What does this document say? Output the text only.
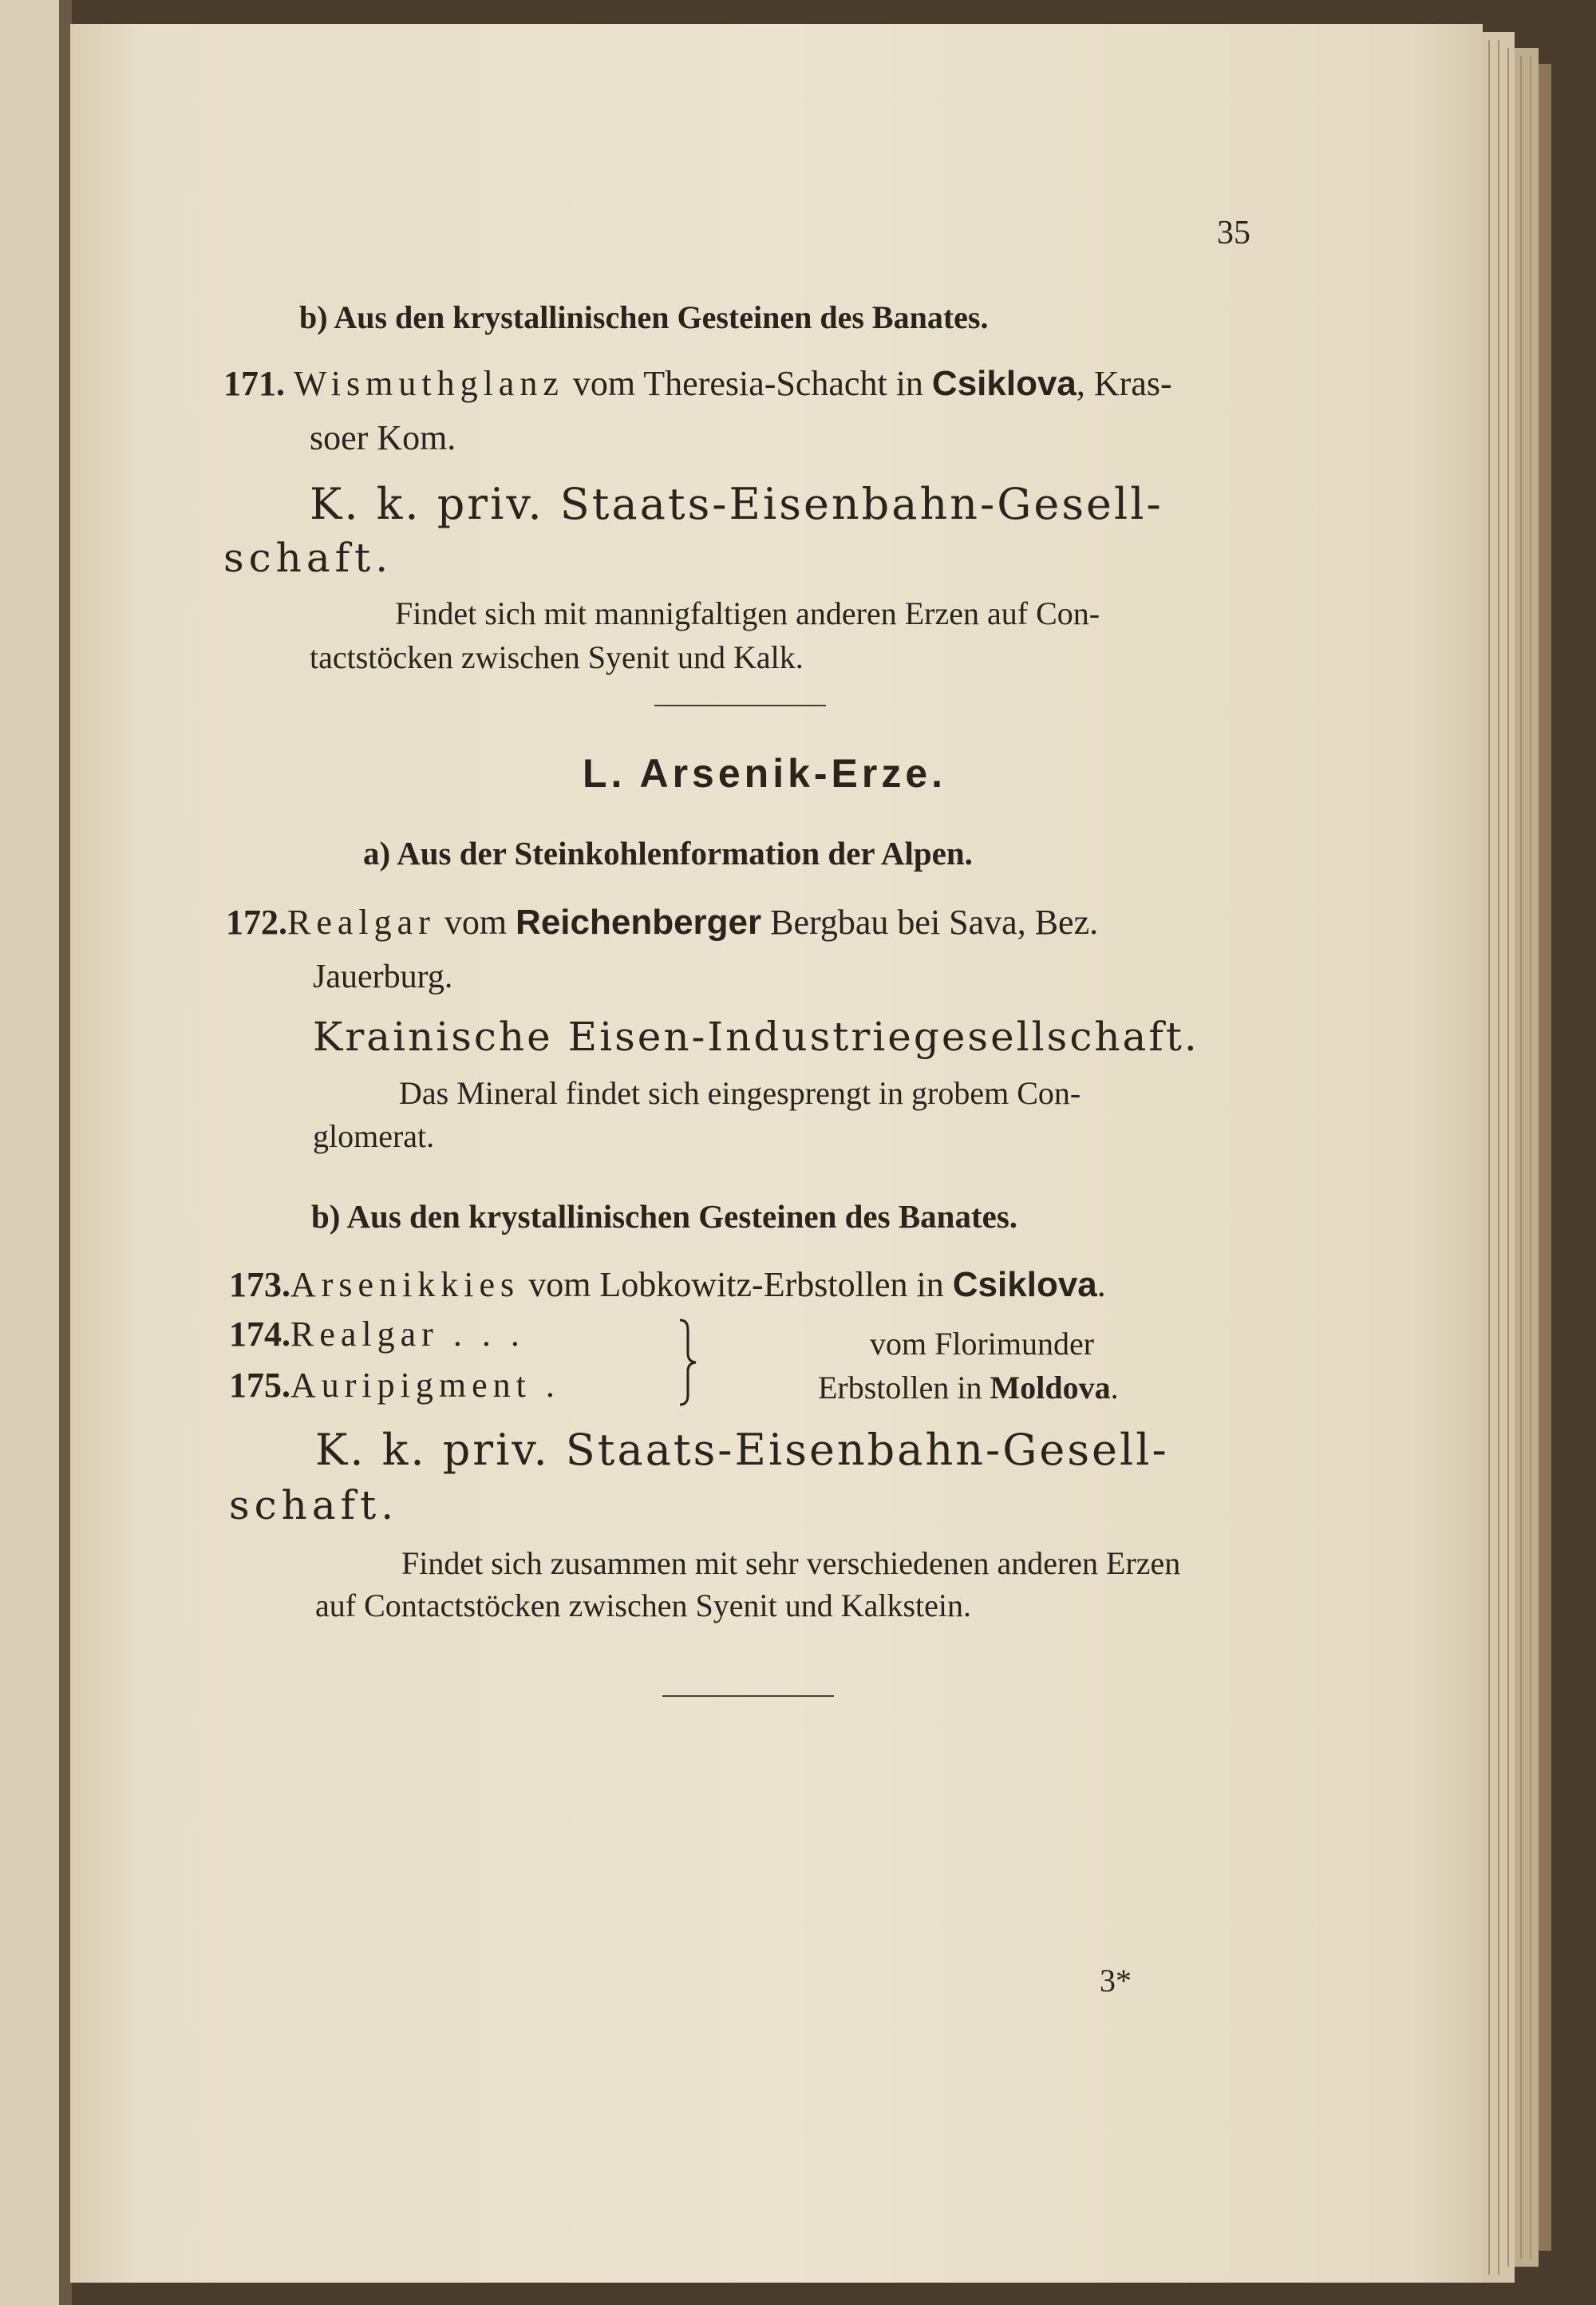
35
b) Aus den krystallinischen Gesteinen des Banates.
171. Wismuthglanz vom Theresia-Schacht in Csiklova, Kras-
soer Kom.
K. k. priv. Staats-Eisenbahn-Gesell-
schaft.
Findet sich mit mannigfaltigen anderen Erzen auf Con-
tactstöcken zwischen Syenit und Kalk.
L. Arsenik-Erze.
a) Aus der Steinkohlenformation der Alpen.
172.Realgar vom Reichenberger Bergbau bei Sava, Bez.
Jauerburg.
Krainische Eisen-Industriegesellschaft.
Das Mineral findet sich eingesprengt in grobem Con-
glomerat.
b) Aus den krystallinischen Gesteinen des Banates.
173.Arsenikkies vom Lobkowitz-Erbstollen in Csiklova.
174.Realgar . . .
175.Auripigment .
vom Florimunder
Erbstollen in Moldova.
K. k. priv. Staats-Eisenbahn-Gesell-
schaft.
Findet sich zusammen mit sehr verschiedenen anderen Erzen
auf Contactstöcken zwischen Syenit und Kalkstein.
3*
